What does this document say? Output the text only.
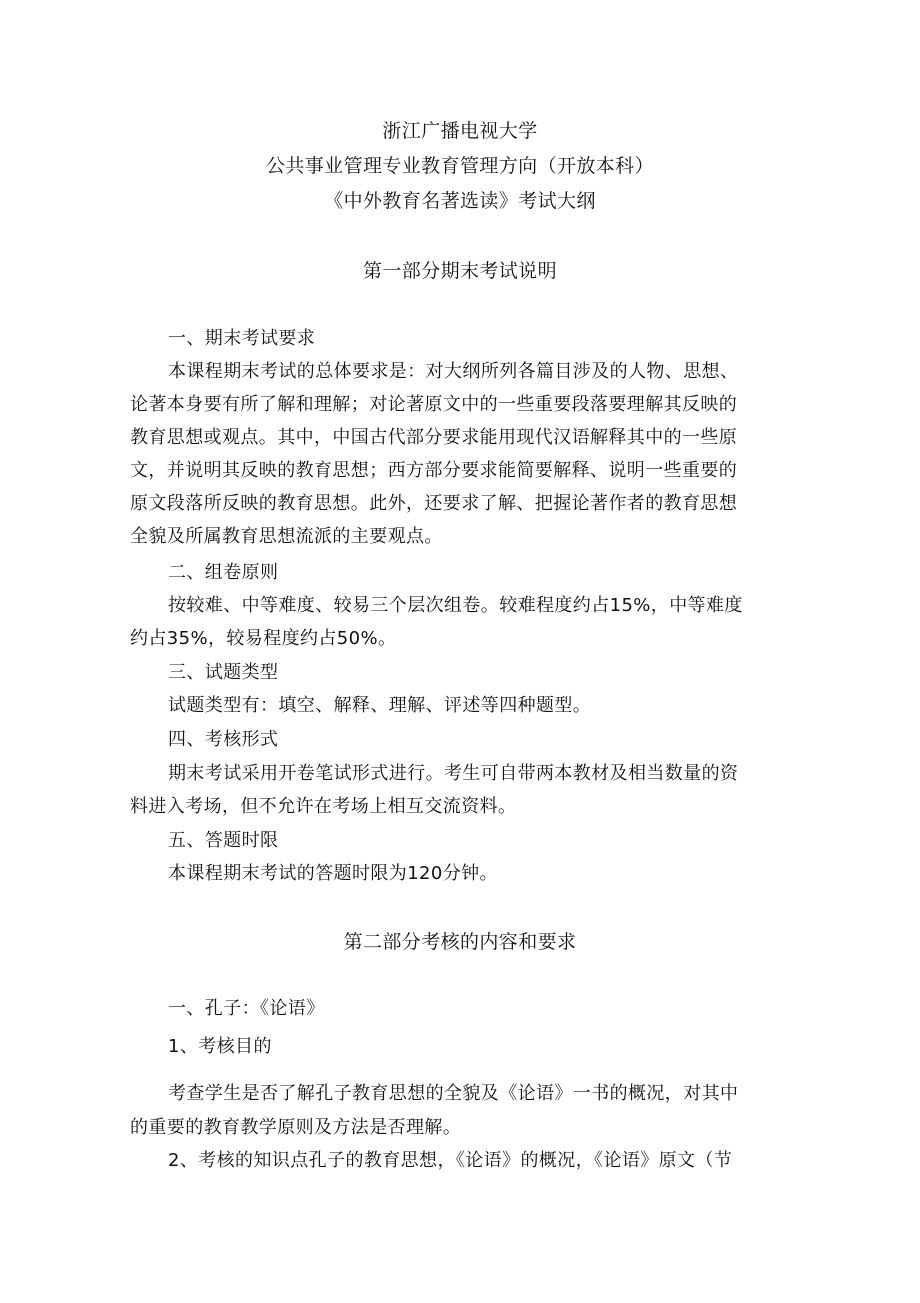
浙江广播电视大学
公共事业管理专业教育管理方向（开放本科）
《中外教育名著选读》考试大纲
第一部分期末考试说明
一、期末考试要求
本课程期末考试的总体要求是：对大纲所列各篇目涉及的人物、思想、
论著本身要有所了解和理解；对论著原文中的一些重要段落要理解其反映的
教育思想或观点。其中，中国古代部分要求能用现代汉语解释其中的一些原
文，并说明其反映的教育思想；西方部分要求能简要解释、说明一些重要的
原文段落所反映的教育思想。此外，还要求了解、把握论著作者的教育思想
全貌及所属教育思想流派的主要观点。
二、组卷原则
按较难、中等难度、较易三个层次组卷。较难程度约占15%，中等难度
约占35%，较易程度约占50%。
三、试题类型
试题类型有：填空、解释、理解、评述等四种题型。
四、考核形式
期末考试采用开卷笔试形式进行。考生可自带两本教材及相当数量的资
料进入考场，但不允许在考场上相互交流资料。
五、答题时限
本课程期末考试的答题时限为120分钟。
第二部分考核的内容和要求
一、孔子：《论语》
1、考核目的
考查学生是否了解孔子教育思想的全貌及《论语》一书的概况，对其中
的重要的教育教学原则及方法是否理解。
2、考核的知识点孔子的教育思想，《论语》的概况，《论语》原文（节
